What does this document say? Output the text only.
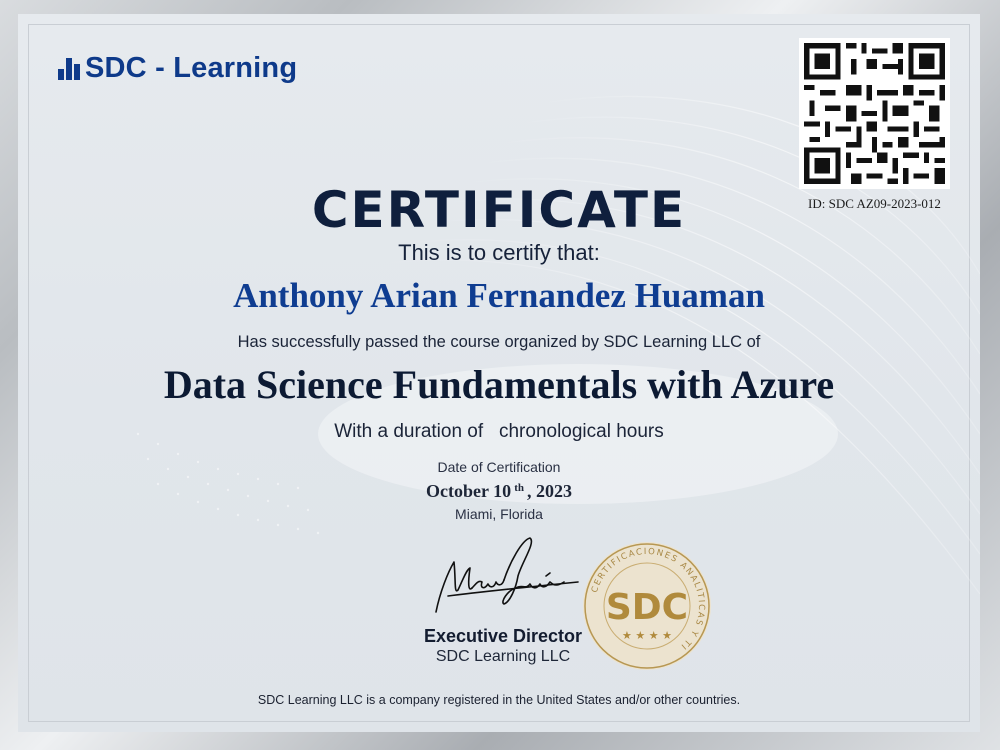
SDC - Learning
ID: SDC AZ09-2023-012
CERTIFICATE
This is to certify that:
Anthony Arian Fernandez Huaman
Has successfully passed the course organized by SDC Learning LLC of
Data Science Fundamentals with Azure
With a duration of   chronological hours
Date of Certification
October 10 $^{th}$ , 2023
Miami, Florida
Executive Director
SDC Learning LLC
CERTIFICACIONES ANALITICAS Y TI
SDC
★ ★ ★ ★
SDC Learning LLC is a company registered in the United States and/or other countries.
